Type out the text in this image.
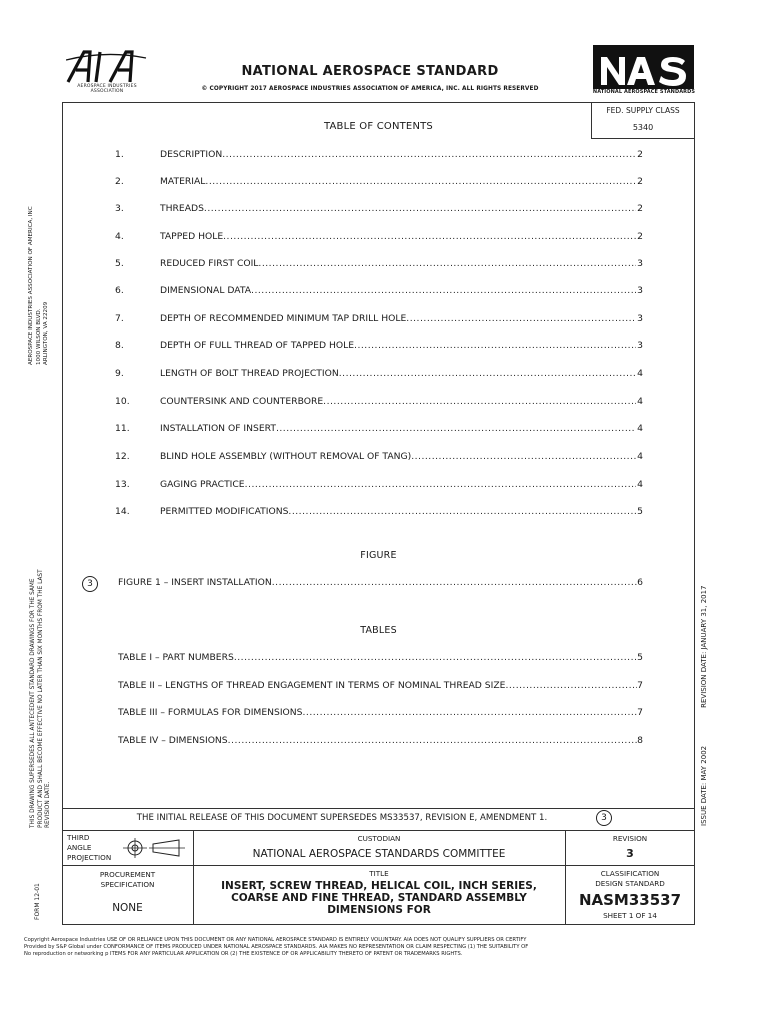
AEROSPACE INDUSTRIES ASSOCIATION
NATIONAL AEROSPACE STANDARD
© COPYRIGHT 2017 AEROSPACE INDUSTRIES ASSOCIATION OF AMERICA, INC. ALL RIGHTS RESERVED	NATIONAL AEROSPACE STANDARDS
FED. SUPPLY CLASS
5340
TABLE OF CONTENTS
1.	DESCRIPTION .....	2
2.	MATERIAL .....	2
3.	THREADS .....	2
4.	TAPPED HOLE .....	2
5.	REDUCED FIRST COIL .....	3
6.	DIMENSIONAL DATA .....	3
7.	DEPTH OF RECOMMENDED MINIMUM TAP DRILL HOLE .....	3
8.	DEPTH OF FULL THREAD OF TAPPED HOLE .....	3
9.	LENGTH OF BOLT THREAD PROJECTION .....	4
10.	COUNTERSINK AND COUNTERBORE .....	4
11.	INSTALLATION OF INSERT .....	4
12.	BLIND HOLE ASSEMBLY (WITHOUT REMOVAL OF TANG) .....	4
13.	GAGING PRACTICE .....	4
14.	PERMITTED MODIFICATIONS .....	5
FIGURE
3	FIGURE 1 – INSERT INSTALLATION .....	6
TABLES
TABLE I – PART NUMBERS .....	5
TABLE II – LENGTHS OF THREAD ENGAGEMENT IN TERMS OF NOMINAL THREAD SIZE .....	7
TABLE III – FORMULAS FOR DIMENSIONS .....	7
TABLE IV – DIMENSIONS .....	8
THE INITIAL RELEASE OF THIS DOCUMENT SUPERSEDES MS33537, REVISION E, AMENDMENT 1.	3
THIRD
ANGLE
PROJECTION
CUSTODIAN
NATIONAL AEROSPACE STANDARDS COMMITTEE
REVISION
3
PROCUREMENT
SPECIFICATION
NONE
TITLE
INSERT, SCREW THREAD, HELICAL COIL, INCH SERIES,
COARSE AND FINE THREAD, STANDARD ASSEMBLY
DIMENSIONS FOR
CLASSIFICATION
DESIGN STANDARD
NASM33537
SHEET 1 OF 14
AEROSPACE INDUSTRIES ASSOCIATION OF AMERICA, INC 1000 WILSON BLVD. ARLINGTON, VA 22209
THIS DRAWING SUPERSEDES ALL ANTECEDENT STANDARD DRAWINGS FOR THE SAME PRODUCT AND SHALL BECOME EFFECTIVE NO LATER THAN SIX MONTHS FROM THE LAST REVISION DATE.
FORM 12-01
ISSUE DATE: MAY 2002REVISION DATE: JANUARY 31, 2017
Copyright Aerospace Industries USE OF OR RELIANCE UPON THIS DOCUMENT OR ANY NATIONAL AEROSPACE STANDARD IS ENTIRELY VOLUNTARY. AIA DOES NOT QUALIFY SUPPLIERS OR CERTIFY
Provided by S&P Global under CONFORMANCE OF ITEMS PRODUCED UNDER NATIONAL AEROSPACE STANDARDS. AIA MAKES NO REPRESENTATION OR CLAIM RESPECTING (1) THE SUITABILITY OF
No reproduction or networking p ITEMS FOR ANY PARTICULAR APPLICATION OR (2) THE EXISTENCE OF OR APPLICABILITY THERETO OF PATENT OR TRADEMARKS RIGHTS.
